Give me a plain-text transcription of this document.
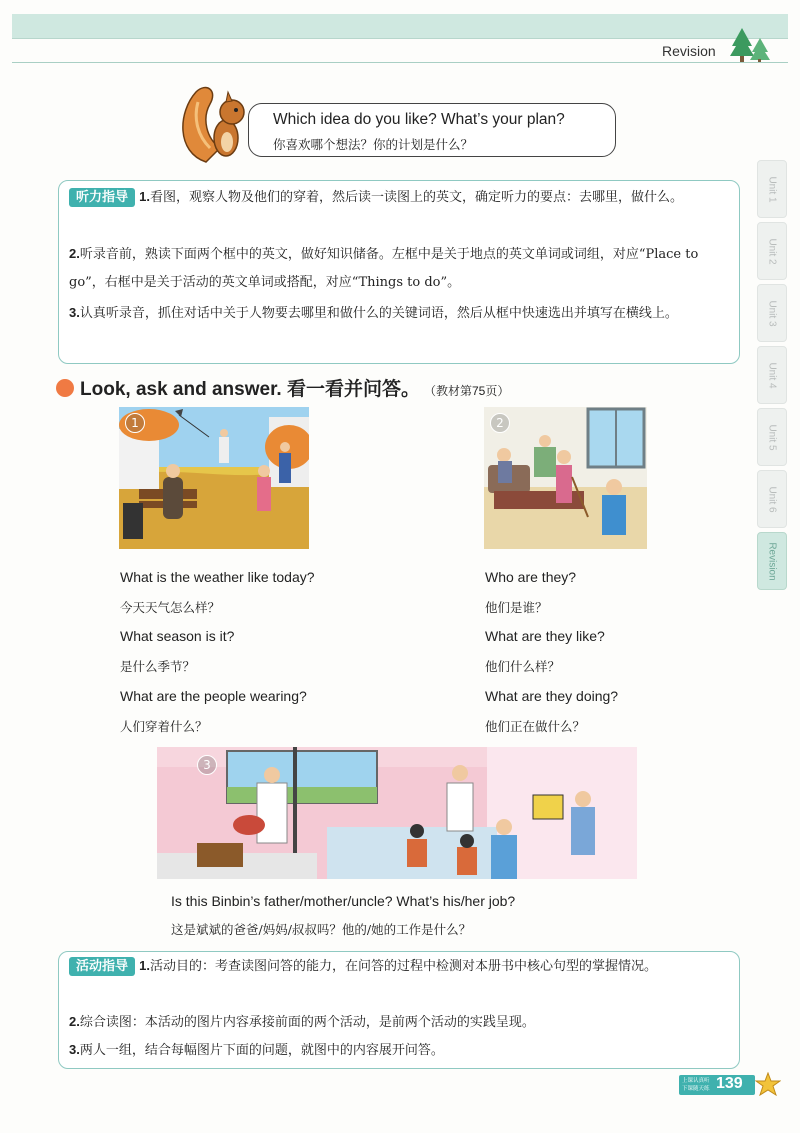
Revision
Unit 1
Unit 2
Unit 3
Unit 4
Unit 5
Unit 6
Revision
Which idea do you like? What’s your plan?
你喜欢哪个想法？你的计划是什么？
听力指导 1.看图，观察人物及他们的穿着，然后读一读图上的英文，确定听力的要点：去哪里，做什么。
2.听录音前，熟读下面两个框中的英文，做好知识储备。左框中是关于地点的英文单词或词组，对应“Place to go”，右框中是关于活动的英文单词或搭配，对应“Things to do”。
3.认真听录音，抓住对话中关于人物要去哪里和做什么的关键词语，然后从框中快速选出并填写在横线上。
Look, ask and answer. 看一看并问答。 （教材第75页）
1	2
What is the weather like today?
今天天气怎么样？
What season is it?
是什么季节？
What are the people wearing?
人们穿着什么？
Who are they?
他们是谁？
What are they like?
他们什么样？
What are they doing?
他们正在做什么？
3
Is this Binbin’s father/mother/uncle? What’s his/her job?
这是斌斌的爸爸/妈妈/叔叔吗？他的/她的工作是什么？
活动指导 1.活动目的：考查读图问答的能力，在问答的过程中检测对本册书中核心句型的掌握情况。
2.综合读图：本活动的图片内容承接前面的两个活动，是前两个活动的实践呈现。
3.两人一组，结合每幅图片下面的问题，就图中的内容展开问答。
上课认真听
下课随天练 139
